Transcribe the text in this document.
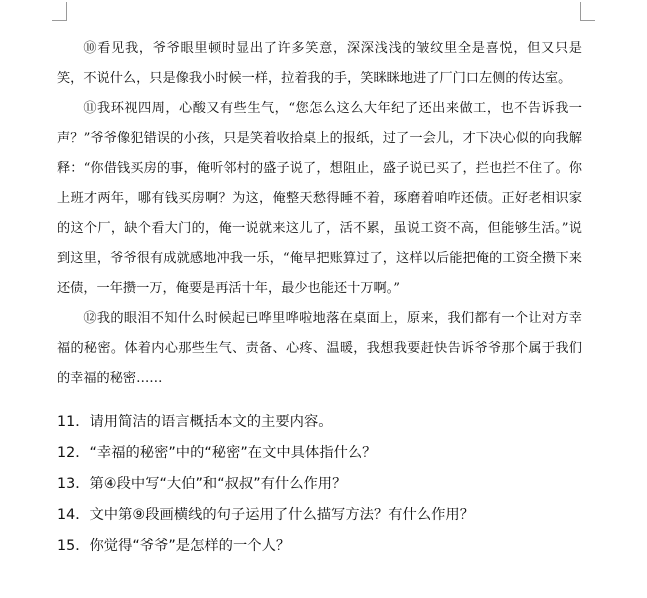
⑩看见我，爷爷眼里顿时显出了许多笑意，深深浅浅的皱纹里全是喜悦，但又只是笑，不说什么，只是像我小时候一样，拉着我的手，笑眯眯地进了厂门口左侧的传达室。

⑪我环视四周，心酸又有些生气，“您怎么这么大年纪了还出来做工，也不告诉我一声？”爷爷像犯错误的小孩，只是笑着收拾桌上的报纸，过了一会儿，才下决心似的向我解释：“你借钱买房的事，俺听邻村的盛子说了，想阻止，盛子说已买了，拦也拦不住了。你上班才两年，哪有钱买房啊？为这，俺整天愁得睡不着，琢磨着咱咋还债。正好老相识家的这个厂，缺个看大门的，俺一说就来这儿了，活不累，虽说工资不高，但能够生活。”说到这里，爷爷很有成就感地冲我一乐，“俺早把账算过了，这样以后能把俺的工资全攒下来还债，一年攒一万，俺要是再活十年，最少也能还十万啊。”

⑫我的眼泪不知什么时候起已哗里哗啦地落在桌面上，原来，我们都有一个让对方幸福的秘密。体着内心那些生气、责备、心疼、温暖，我想我要赶快告诉爷爷那个属于我们的幸福的秘密……

11．请用简洁的语言概括本文的主要内容。

12．“幸福的秘密”中的“秘密”在文中具体指什么？

13．第④段中写“大伯”和“叔叔”有什么作用？

14．文中第⑨段画横线的句子运用了什么描写方法？有什么作用？

15．你觉得“爷爷”是怎样的一个人？
